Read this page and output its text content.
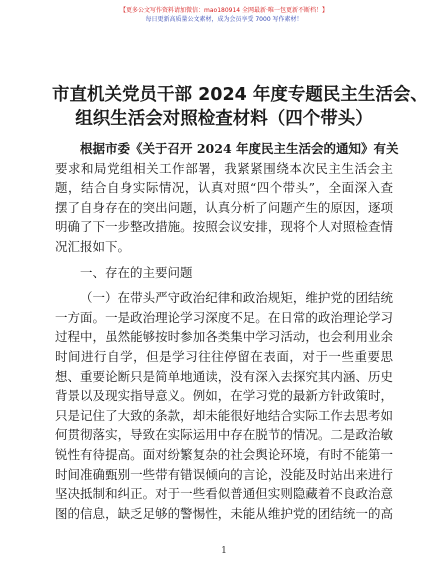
【更多公文写作资料请加微信：mao180914 全网最新·唯一包更新不断档！】
每日更新高质量公文素材，成为会员享受 7000 写作素材！
市直机关党员干部 2024 年度专题民主生活会、
组织生活会对照检查材料（四个带头）
根据市委《关于召开 2024 年度民主生活会的通知》有关
要求和局党组相关工作部署，我紧紧围绕本次民主生活会主
题，结合自身实际情况，认真对照“四个带头”，全面深入查
摆了自身存在的突出问题，认真分析了问题产生的原因，逐项
明确了下一步整改措施。按照会议安排，现将个人对照检查情
况汇报如下。
一、存在的主要问题
（一）在带头严守政治纪律和政治规矩，维护党的团结统
一方面。一是政治理论学习深度不足。在日常的政治理论学习
过程中，虽然能够按时参加各类集中学习活动，也会利用业余
时间进行自学，但是学习往往停留在表面，对于一些重要思
想、重要论断只是简单地通读，没有深入去探究其内涵、历史
背景以及现实指导意义。例如，在学习党的最新方针政策时，
只是记住了大致的条款，却未能很好地结合实际工作去思考如
何贯彻落实，导致在实际运用中存在脱节的情况。二是政治敏
锐性有待提高。面对纷繁复杂的社会舆论环境，有时不能第一
时间准确甄别一些带有错误倾向的言论，没能及时站出来进行
坚决抵制和纠正。对于一些看似普通但实则隐藏着不良政治意
图的信息，缺乏足够的警惕性，未能从维护党的团结统一的高
1
